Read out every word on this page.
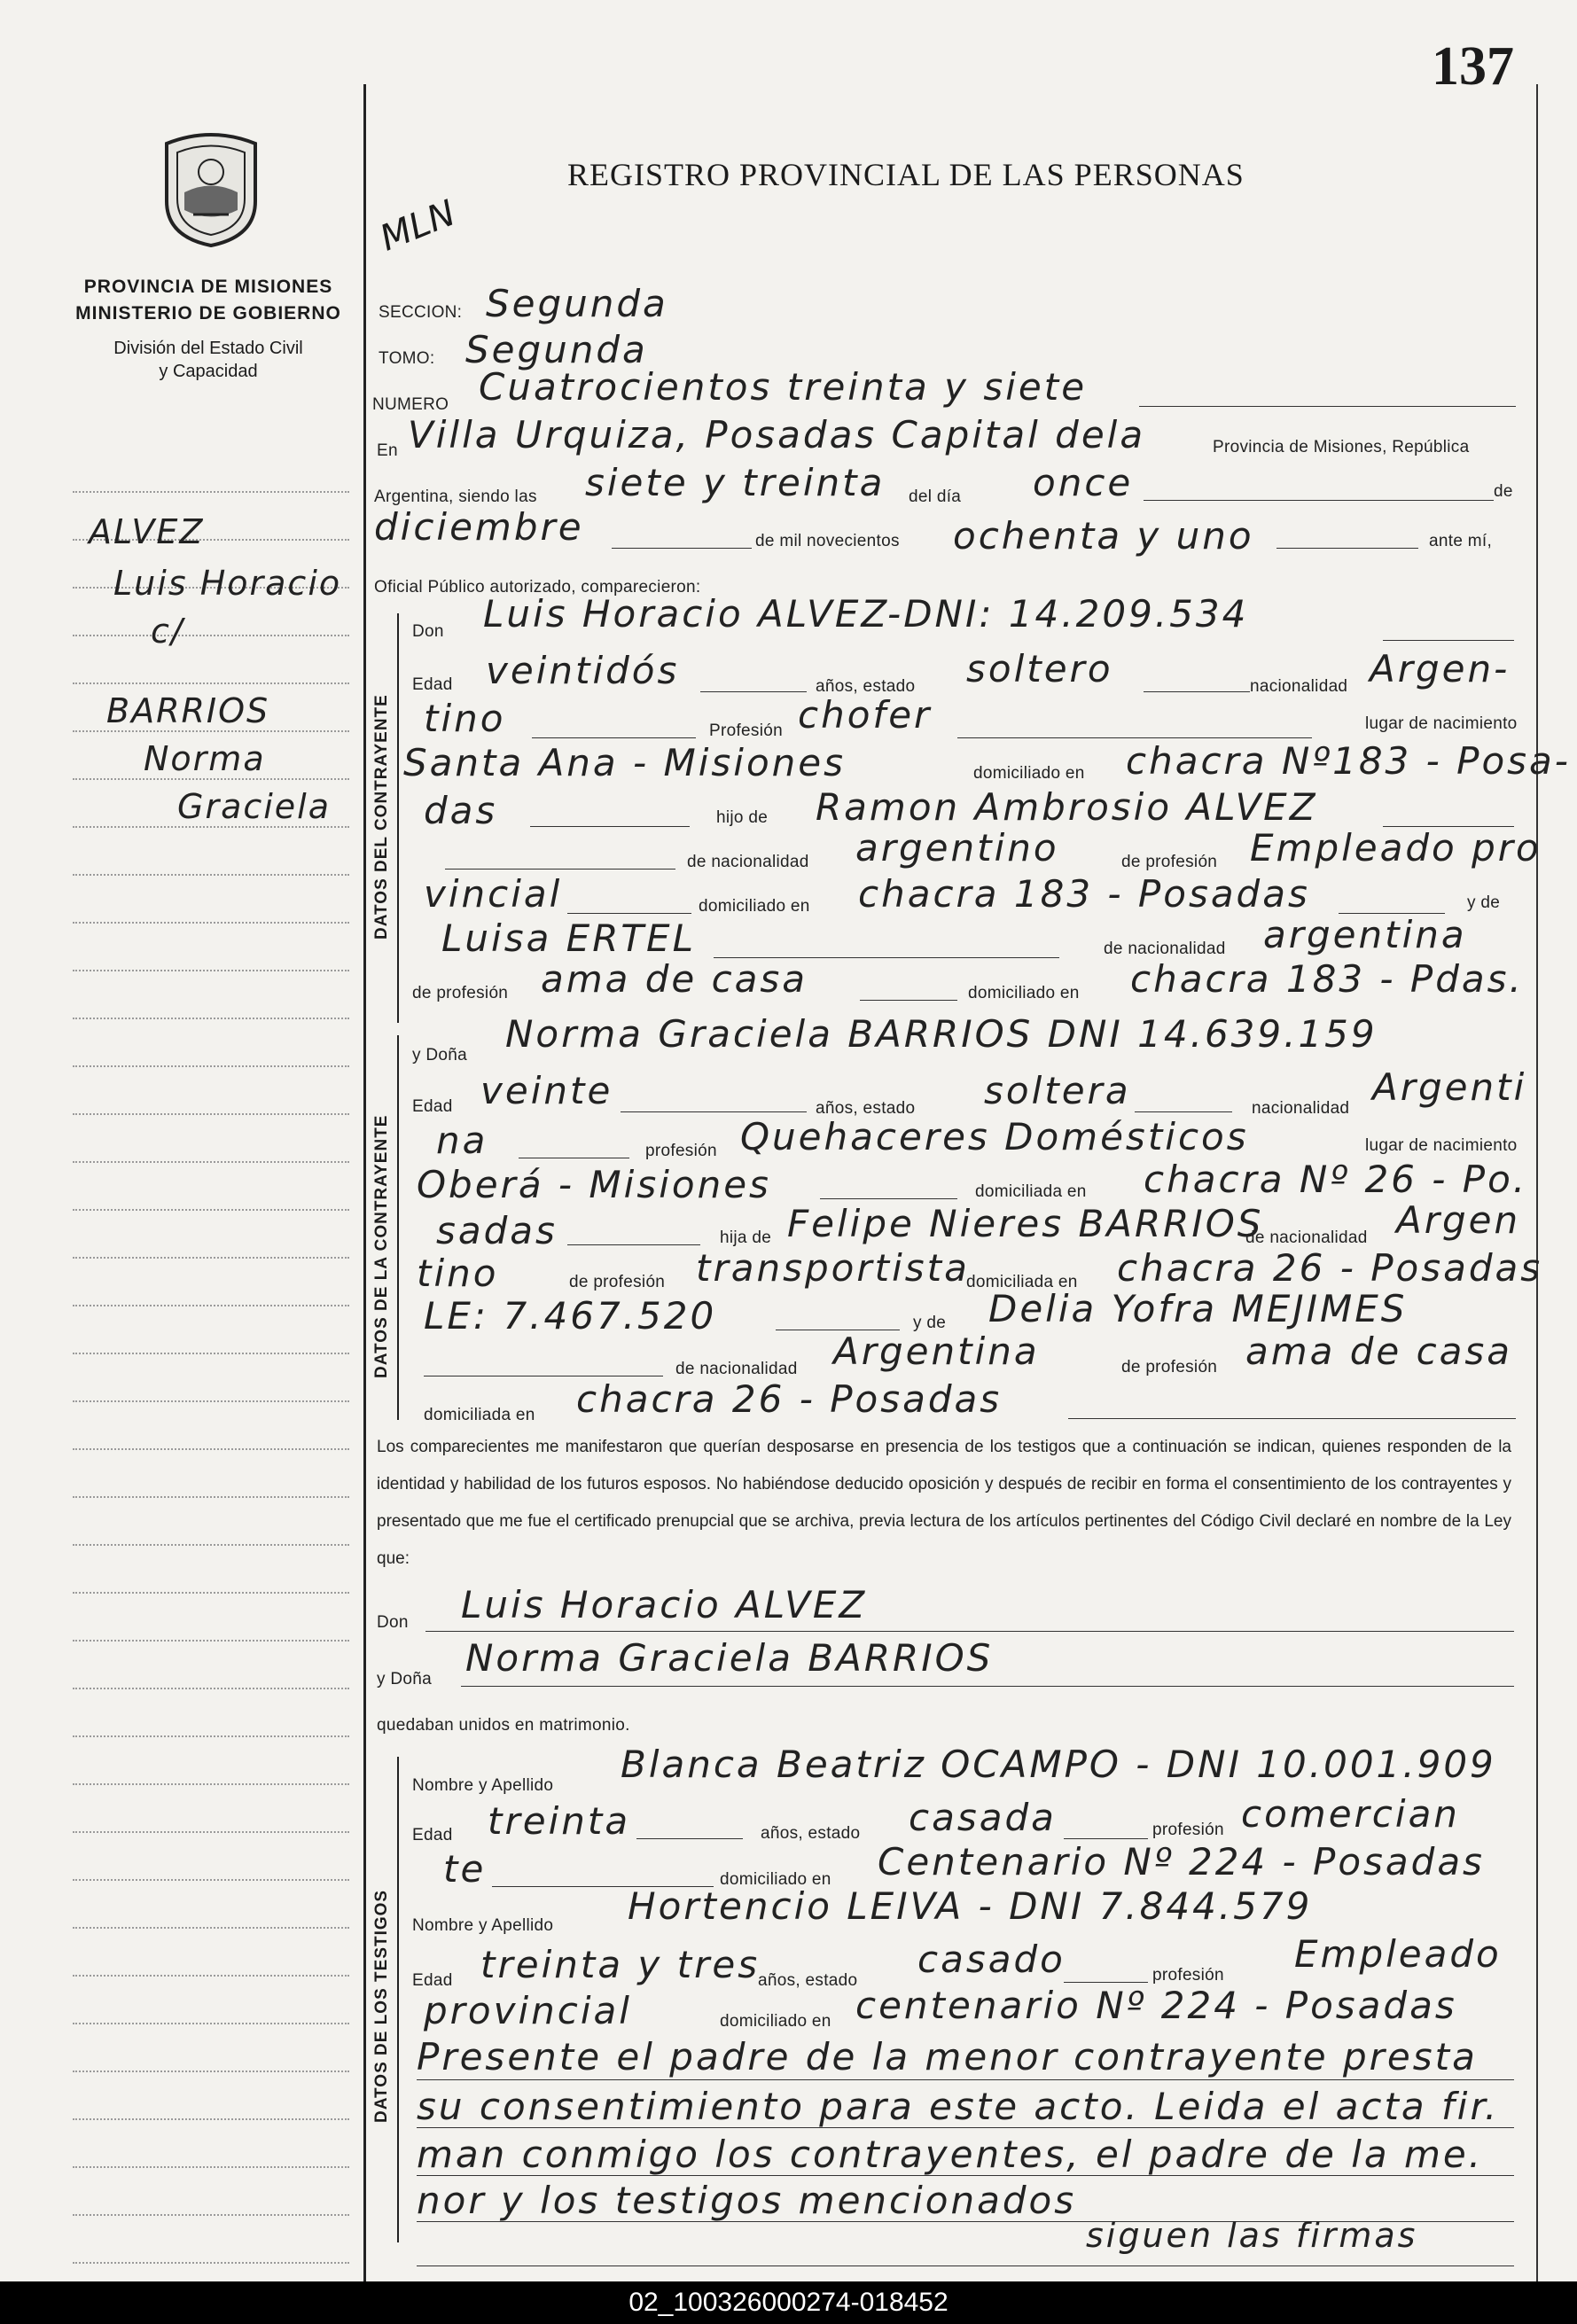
137
PROVINCIA DE MISIONES
MINISTERIO DE GOBIERNO
División del Estado Civil
y Capacidad
REGISTRO PROVINCIAL DE LAS PERSONAS
MLN
ALVEZ
Luis Horacio
c/
BARRIOS
Norma
Graciela
SECCION: Segunda
TOMO: Segunda
NUMERO Cuatrocientos treinta y siete
En Villa Urquiza, Posadas Capital dela	Provincia de Misiones, República
Argentina, siendo las siete y treinta del día once	de
diciembre	de mil novecientos ochenta y uno	ante mí,
Oficial Público autorizado, comparecieron:
DATOS DEL CONTRAYENTE
DATOS DE LA CONTRAYENTE
DATOS DE LOS TESTIGOS
Don Luis Horacio ALVEZ-DNI: 14.209.534
Edad veintidós	años, estado soltero	nacionalidad Argen-
tino	Profesión chofer	lugar de nacimiento
Santa Ana - Misiones	domiciliado en chacra Nº183 - Posa-
das	hijo de Ramon Ambrosio ALVEZ
de nacionalidad argentino	de profesión Empleado pro
vincial	domiciliado en chacra 183 - Posadas	y de
Luisa ERTEL	de nacionalidad argentina
de profesión ama de casa	domiciliado en chacra 183 - Pdas.
y Doña Norma Graciela BARRIOS DNI 14.639.159
Edad veinte	años, estado soltera	nacionalidad Argenti
na	profesión Quehaceres Domésticos	lugar de nacimiento
Oberá - Misiones	domiciliada en chacra Nº 26 - Po.
sadas	hija de Felipe Nieres BARRIOS
de nacionalidad Argen
tino	de profesión transportista
domiciliada en chacra 26 - Posadas
LE: 7.467.520	y de Delia Yofra MEJIMES
de nacionalidad Argentina	de profesión ama de casa
domiciliada en chacra 26 - Posadas
Los comparecientes me manifestaron que querían desposarse en presencia de los testigos que a continuación se indican, quienes responden de la identidad y habilidad de los futuros esposos. No habiéndose deducido oposición y después de recibir en forma el consentimiento de los contrayentes y presentado que me fue el certificado prenupcial que se archiva, previa lectura de los artículos pertinentes del Código Civil declaré en nombre de la Ley que:
Don Luis Horacio ALVEZ
y Doña Norma Graciela BARRIOS
quedaban unidos en matrimonio.
Nombre y Apellido Blanca Beatriz OCAMPO - DNI 10.001.909
Edad treinta	años, estado casada	profesión comercian
te	domiciliado en Centenario Nº 224 - Posadas
Nombre y Apellido Hortencio LEIVA - DNI 7.844.579
Edad treinta y tres
años, estado casado	profesión Empleado
provincial	domiciliado en centenario Nº 224 - Posadas
Presente el padre de la menor contrayente presta
su consentimiento para este acto. Leida el acta fir.
man conmigo los contrayentes, el padre de la me.
nor y los testigos mencionados
siguen las firmas
02_100326000274-018452
